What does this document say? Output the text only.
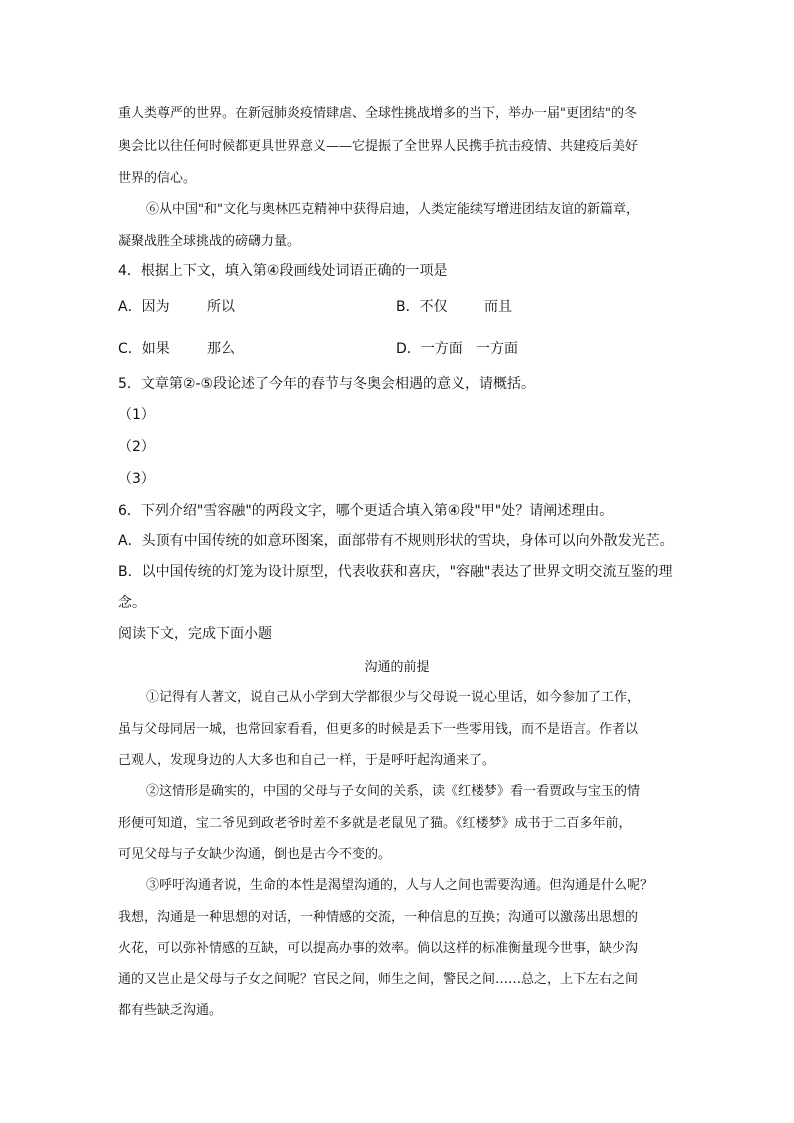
重人类尊严的世界。在新冠肺炎疫情肆虐、全球性挑战增多的当下，举办一届"更团结"的冬

奥会比以往任何时候都更具世界意义——它提振了全世界人民携手抗击疫情、共建疫后美好

世界的信心。

⑥从中国"和"文化与奥林匹克精神中获得启迪，人类定能续写增进团结友谊的新篇章，

凝聚战胜全球挑战的磅礴力量。

4．根据上下文，填入第④段画线处词语正确的一项是

A．因为	所以	B．不仅	而且
C．如果	那么	D．一方面 一方面

5．文章第②-⑤段论述了今年的春节与冬奥会相遇的意义，请概括。

（1）

（2）

（3）

6．下列介绍"雪容融"的两段文字，哪个更适合填入第④段"甲"处？请阐述理由。

A．头顶有中国传统的如意环图案，面部带有不规则形状的雪块，身体可以向外散发光芒。

B．以中国传统的灯笼为设计原型，代表收获和喜庆，"容融"表达了世界文明交流互鉴的理

念。

阅读下文，完成下面小题

沟通的前提

①记得有人著文，说自己从小学到大学都很少与父母说一说心里话，如今参加了工作，

虽与父母同居一城，也常回家看看，但更多的时候是丢下一些零用钱，而不是语言。作者以

己观人，发现身边的人大多也和自己一样，于是呼吁起沟通来了。

②这情形是确实的，中国的父母与子女间的关系，读《红楼梦》看一看贾政与宝玉的情

形便可知道，宝二爷见到政老爷时差不多就是老鼠见了猫。《红楼梦》成书于二百多年前，

可见父母与子女缺少沟通，倒也是古今不变的。

③呼吁沟通者说，生命的本性是渴望沟通的，人与人之间也需要沟通。但沟通是什么呢？

我想，沟通是一种思想的对话，一种情感的交流，一种信息的互换；沟通可以激荡出思想的

火花，可以弥补情感的互缺，可以提高办事的效率。倘以这样的标准衡量现今世事，缺少沟

通的又岂止是父母与子女之间呢？官民之间，师生之间，警民之间……总之，上下左右之间

都有些缺乏沟通。
